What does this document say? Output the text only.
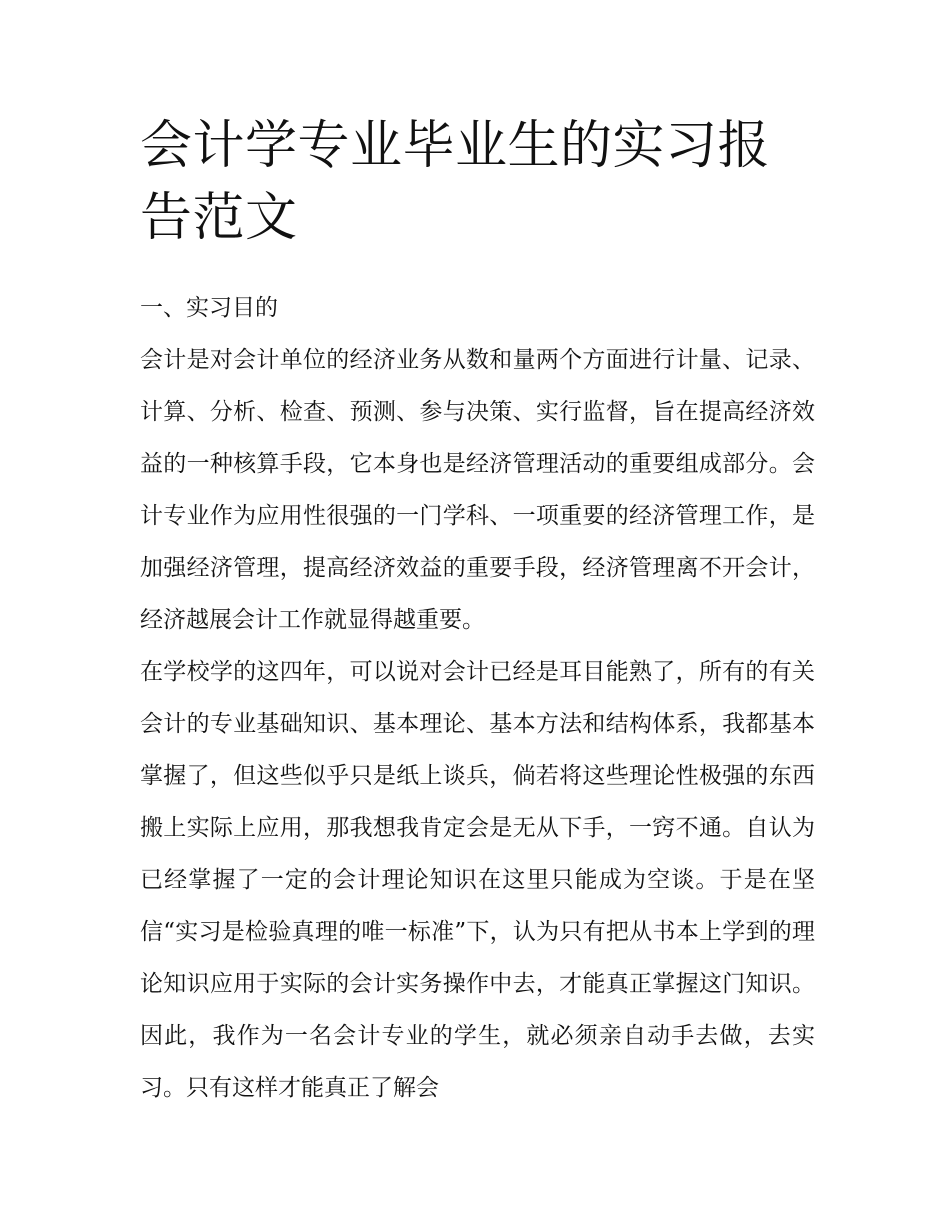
会计学专业毕业生的实习报告范文
一、实习目的

会计是对会计单位的经济业务从数和量两个方面进行计量、记录、计算、分析、检查、预测、参与决策、实行监督，旨在提高经济效益的一种核算手段，它本身也是经济管理活动的重要组成部分。会计专业作为应用性很强的一门学科、一项重要的经济管理工作，是加强经济管理，提高经济效益的重要手段，经济管理离不开会计，经济越展会计工作就显得越重要。

在学校学的这四年，可以说对会计已经是耳目能熟了，所有的有关会计的专业基础知识、基本理论、基本方法和结构体系，我都基本掌握了，但这些似乎只是纸上谈兵，倘若将这些理论性极强的东西搬上实际上应用，那我想我肯定会是无从下手，一窍不通。自认为已经掌握了一定的会计理论知识在这里只能成为空谈。于是在坚信“实习是检验真理的唯一标准”下，认为只有把从书本上学到的理论知识应用于实际的会计实务操作中去，才能真正掌握这门知识。因此，我作为一名会计专业的学生，就必须亲自动手去做，去实习。只有这样才能真正了解会
